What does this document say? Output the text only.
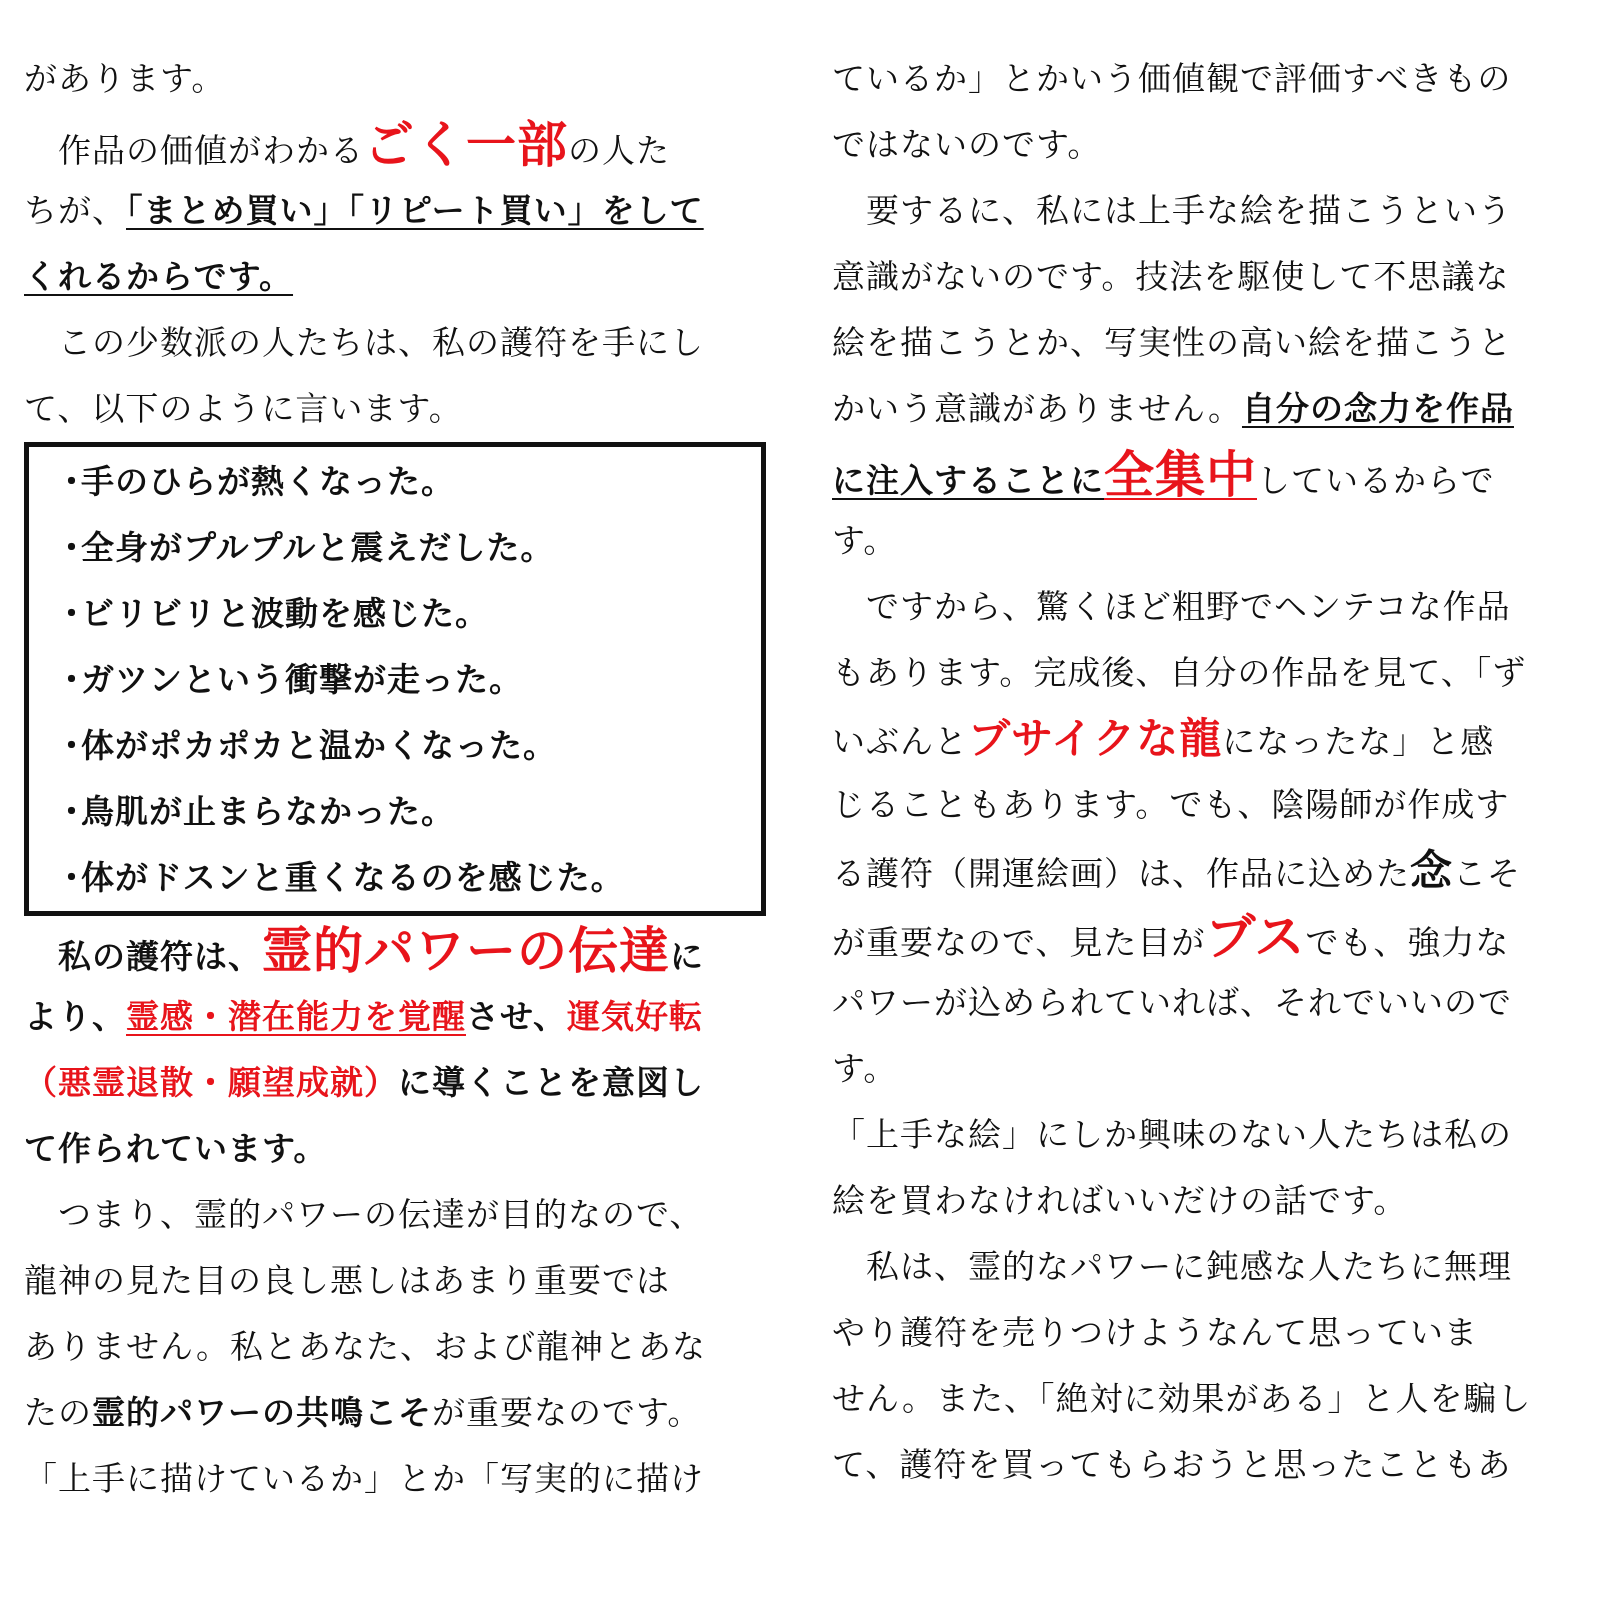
があります。
　作品の価値がわかるごく一部の人た
ちが、「まとめ買い」「リピート買い」をして
くれるからです。
　この少数派の人たちは、私の護符を手にし
て、以下のように言います。
・手のひらが熱くなった。
・全身がプルプルと震えだした。
・ビリビリと波動を感じた。
・ガツンという衝撃が走った。
・体がポカポカと温かくなった。
・鳥肌が止まらなかった。
・体がドスンと重くなるのを感じた。
　私の護符は、霊的パワーの伝達に
より、霊感・潜在能力を覚醒させ、運気好転
（悪霊退散・願望成就）に導くことを意図し
て作られています。
　つまり、霊的パワーの伝達が目的なので、
龍神の見た目の良し悪しはあまり重要では
ありません。私とあなた、および龍神とあな
たの霊的パワーの共鳴こそが重要なのです。
「上手に描けているか」とか「写実的に描け
ているか」とかいう価値観で評価すべきもの
ではないのです。
　要するに、私には上手な絵を描こうという
意識がないのです。技法を駆使して不思議な
絵を描こうとか、写実性の高い絵を描こうと
かいう意識がありません。自分の念力を作品
に注入することに全集中しているからで
す。
　ですから、驚くほど粗野でヘンテコな作品
もあります。完成後、自分の作品を見て、「ず
いぶんとブサイクな龍になったな」と感
じることもあります。でも、陰陽師が作成す
る護符（開運絵画）は、作品に込めた念こそ
が重要なので、見た目がブスでも、強力な
パワーが込められていれば、それでいいので
す。
「上手な絵」にしか興味のない人たちは私の
絵を買わなければいいだけの話です。
　私は、霊的なパワーに鈍感な人たちに無理
やり護符を売りつけようなんて思っていま
せん。また、「絶対に効果がある」と人を騙し
て、護符を買ってもらおうと思ったこともあ
